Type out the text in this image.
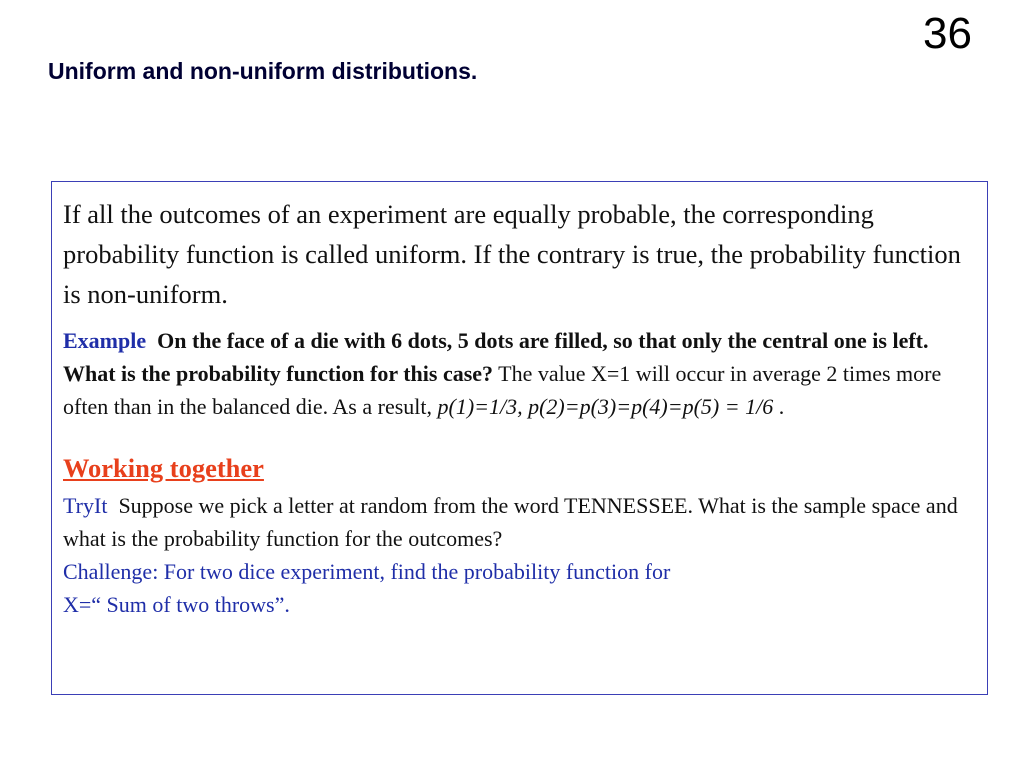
36
Uniform and non-uniform distributions.

If all the outcomes of an experiment are equally probable, the corresponding probability function is called uniform. If the contrary is true, the probability function is non-uniform.

Example On the face of a die with 6 dots, 5 dots are filled, so that only the central one is left. What is the probability function for this case? The value X=1 will occur in average 2 times more often than in the balanced die. As a result, p(1)=1/3, p(2)=p(3)=p(4)=p(5) = 1/6 .

Working together

TryIt Suppose we pick a letter at random from the word TENNESSEE. What is the sample space and what is the probability function for the outcomes?

Challenge: For two dice experiment, find the probability function for
X=“ Sum of two throws”.
